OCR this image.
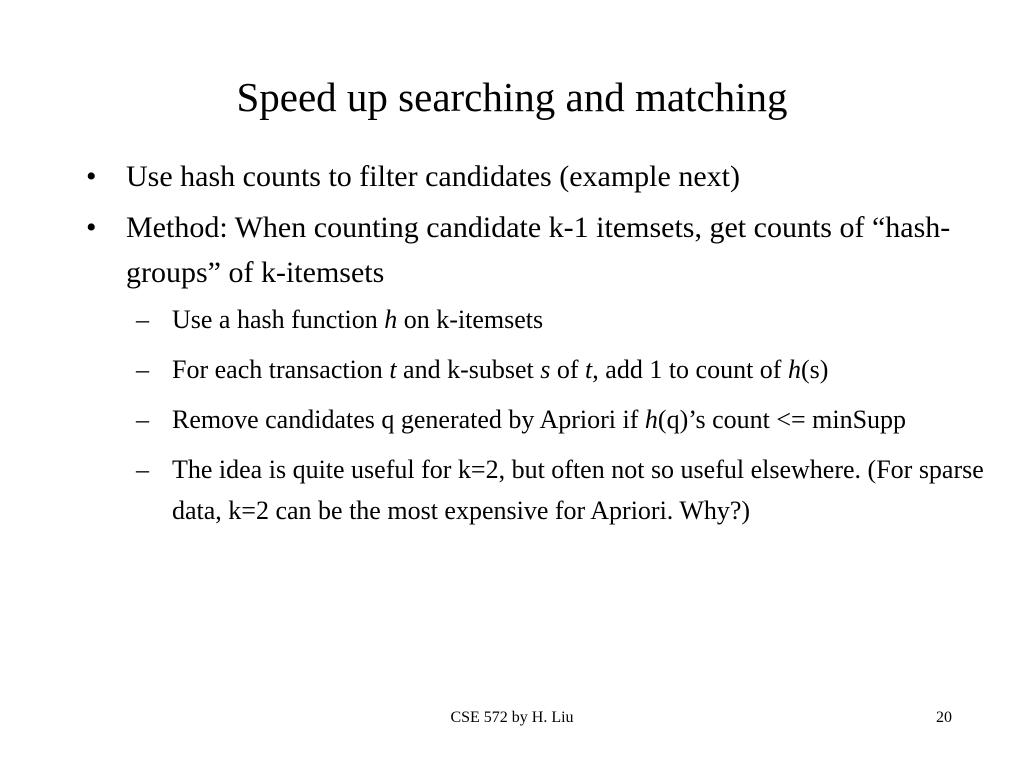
Speed up searching and matching
• Use hash counts to filter candidates (example next)
• Method: When counting candidate k-1 itemsets, get counts of “hash-groups” of k-itemsets
– Use a hash function h on k-itemsets
– For each transaction t and k-subset s of t, add 1 to count of h(s)
– Remove candidates q generated by Apriori if h(q)’s count <= minSupp
– The idea is quite useful for k=2, but often not so useful elsewhere. (For sparse data, k=2 can be the most expensive for Apriori. Why?)
CSE 572 by H. Liu	20
